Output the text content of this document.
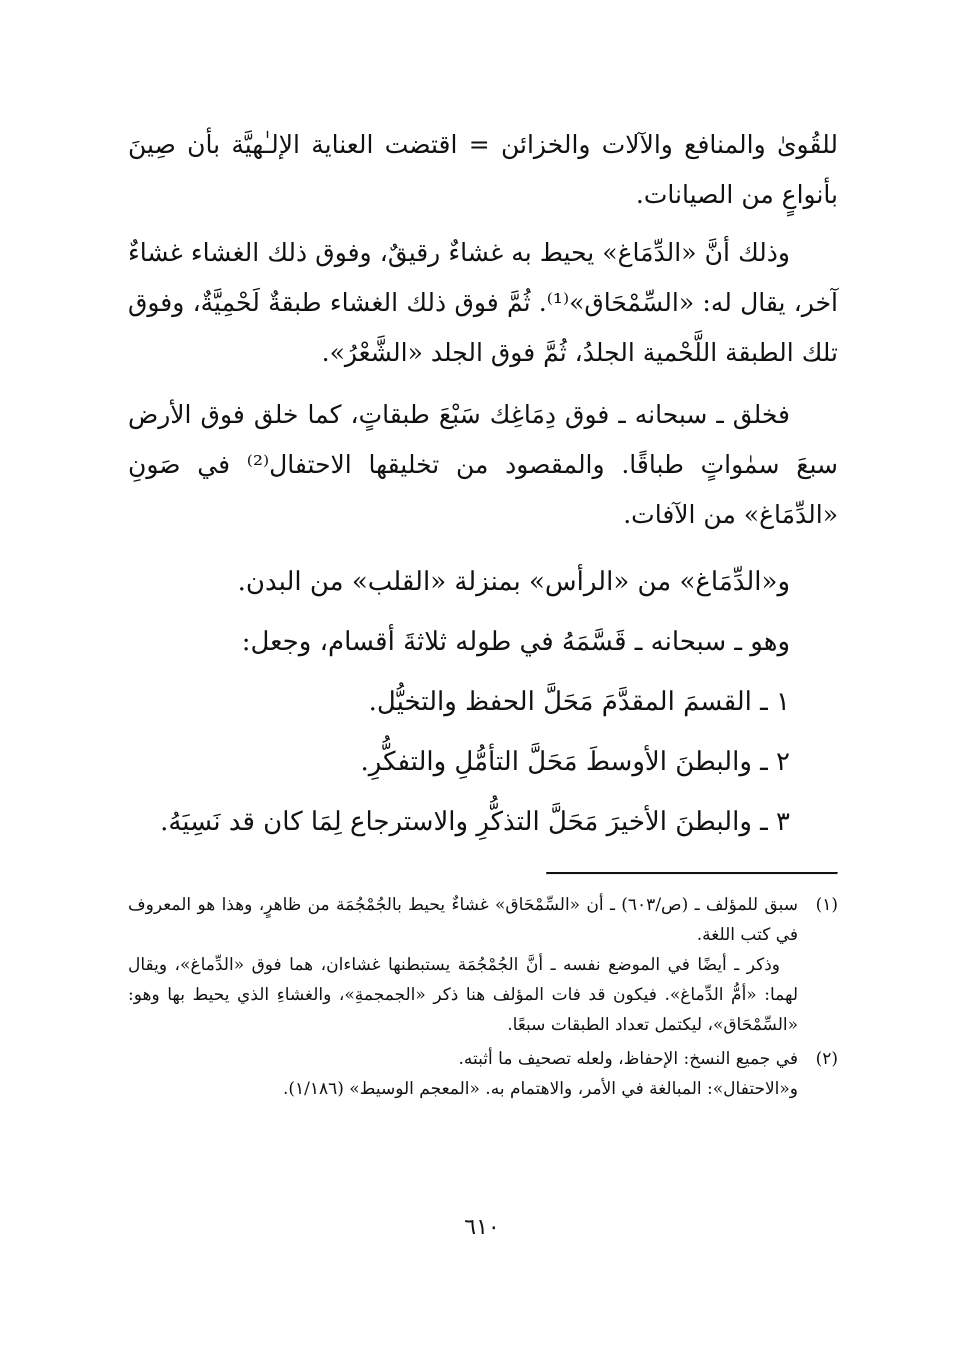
للقُوىٰ والمنافع والآلات والخزائن = اقتضت العناية الإلـٰهيَّة بأن صِينَ بأنواعٍ من الصيانات.

وذلك أنَّ «الدِّمَاغ» يحيط به غشاءٌ رقيقٌ، وفوق ذلك الغشاء غشاءٌ آخر، يقال له: «السِّمْحَاق»⁽¹⁾. ثُمَّ فوق ذلك الغشاء طبقةٌ لَحْمِيَّةٌ، وفوق تلك الطبقة اللَّحْمية الجلدُ، ثُمَّ فوق الجلد «الشَّعْرُ».

فخلق ـ سبحانه ـ فوق دِمَاغِك سَبْعَ طبقاتٍ، كما خلق فوق الأرض سبعَ سمٰواتٍ طباقًا. والمقصود من تخليقها الاحتفال⁽²⁾ في صَونِ «الدِّمَاغ» من الآفات.

و«الدِّمَاغ» من «الرأس» بمنزلة «القلب» من البدن.

وهو ـ سبحانه ـ قَسَّمَهُ في طوله ثلاثةَ أقسام، وجعل:

١ ـ القسمَ المقدَّمَ مَحَلَّ الحفظ والتخيُّل.

٢ ـ والبطنَ الأوسطَ مَحَلَّ التأمُّلِ والتفكُّرِ.

٣ ـ والبطنَ الأخيرَ مَحَلَّ التذكُّرِ والاسترجاع لِمَا كان قد نَسِيَهُ.

(١)

سبق للمؤلف ـ (ص/٦٠٣) ـ أن «السِّمْحَاق» غشاءٌ يحيط بالجُمْجُمَة من ظاهرٍ، وهذا هو المعروف في كتب اللغة.

وذكر ـ أيضًا في الموضع نفسه ـ أنَّ الجُمْجُمَة يستبطنها غشاءان، هما فوق «الدِّماغ»، ويقال لهما: «أمُّ الدِّماغ». فيكون قد فات المؤلف هنا ذكر «الجمجمةِ»، والغشاءِ الذي يحيط بها وهو: «السِّمْحَاق»، ليكتمل تعداد الطبقات سبعًا.

(٢)

في جميع النسخ: الإحفاظ، ولعله تصحيف ما أثبته.

و«الاحتفال»: المبالغة في الأمر، والاهتمام به. «المعجم الوسيط» (١/١٨٦).

٦١٠
